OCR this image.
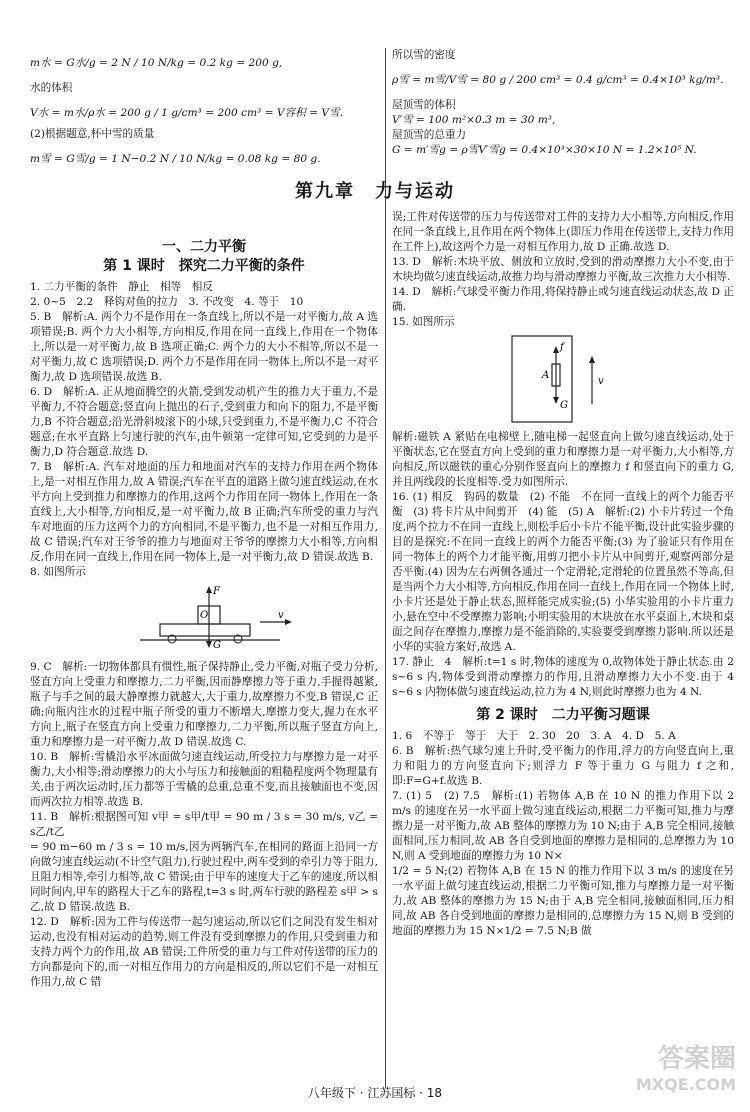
m水 = G水/g = 2 N / 10 N/kg = 0.2 kg = 200 g,
水的体积
V水 = m水/ρ水 = 200 g / 1 g/cm³ = 200 cm³ = V容积 = V雪.
(2)根据题意,杯中雪的质量
m雪 = G雪/g = 1 N−0.2 N / 10 N/kg = 0.08 kg = 80 g.
一、二力平衡
第 1 课时　探究二力平衡的条件
1. 二力平衡的条件　静止　相等　相反
2. 0~5　2.2　释钩对鱼的拉力　3. 不改变　4. 等于　10
5. B　解析:A. 两个力不是作用在一条直线上,所以不是一对平衡力,故 A 选项错误;B. 两个力大小相等,方向相反,作用在同一直线上,作用在一个物体上,所以是一对平衡力,故 B 选项正确;C. 两个力的大小不相等,所以不是一对平衡力,故 C 选项错误;D. 两个力不是作用在同一物体上,所以不是一对平衡力,故 D 选项错误.故选 B.
6. D　解析:A. 正从地面腾空的火箭,受到发动机产生的推力大于重力,不是平衡力,不符合题意;竖直向上抛出的石子,受到重力和向下的阻力,不是平衡力,B 不符合题意;沿光滑斜坡滚下的小球,只受到重力,不是平衡力,C 不符合题意;在水平直路上匀速行驶的汽车,由牛顿第一定律可知,它受到的力是平衡力,D 符合题意.故选 D.
7. B　解析:A. 汽车对地面的压力和地面对汽车的支持力作用在两个物体上,是一对相互作用力,故 A 错误;汽车在平直的道路上做匀速直线运动,在水平方向上受到推力和摩擦力的作用,这两个力作用在同一物体上,作用在一条直线上,大小相等,方向相反,是一对平衡力,故 B 正确;汽车所受的重力与汽车对地面的压力这两个力的方向相同,不是平衡力,也不是一对相互作用力,故 C 错误;汽车对王爷爷的推力与地面对王爷爷的摩擦力大小相等,方向相反,作用在同一直线上,作用在同一物体上,是一对平衡力,故 D 错误.故选 B.
8. 如图所示
F
O
G
v
9. C　解析:一切物体都具有惯性,瓶子保持静止,受力平衡,对瓶子受力分析,竖直方向上受重力和摩擦力,二力平衡,因而静摩擦力等于重力,手握得越紧,瓶子与手之间的最大静摩擦力就越大,大于重力,故摩擦力不变,B 错误,C 正确;向瓶内注水的过程中瓶子所受的重力不断增大,摩擦力变大,握力在水平方向上,瓶子在竖直方向上受重力和摩擦力,二力平衡,所以瓶子竖直方向上,重力和摩擦力是一对平衡力,故 D 错误.故选 C.
10. B　解析:雪橇沿水平冰面做匀速直线运动,所受拉力与摩擦力是一对平衡力,大小相等;滑动摩擦力的大小与压力和接触面的粗糙程度两个物理量有关,由于两次运动时,压力都等于雪橇的总重,总重不变,而且接触面也不变,因而两次拉力相等.故选 B.
11. B　解析:根据图可知 v甲 = s甲/t甲 = 90 m / 3 s = 30 m/s, v乙 = s乙/t乙
= 90 m−60 m / 3 s = 10 m/s,因为两辆汽车,在相同的路面上沿同一方向做匀速直线运动(不计空气阻力),行驶过程中,两车受到的牵引力等于阻力,且阻力相等,牵引力相等,故 C 错误;由于甲车的速度大于乙车的速度,所以相同时间内,甲车的路程大于乙车的路程,t=3 s 时,两车行驶的路程差 s甲 > s乙,故 D 错误.故选 B.
12. D　解析:因为工件与传送带一起匀速运动,所以它们之间没有发生相对运动,也没有相对运动的趋势,则工件没有受到摩擦力的作用,只受到重力和支持力两个力的作用,故 AB 错误;工件所受的重力与工件对传送带的压力的方向都是向下的,而一对相互作用力的方向是相反的,所以它们不是一对相互作用力,故 C 错
第九章　力与运动
所以雪的密度
ρ雪 = m雪/V雪 = 80 g / 200 cm³ = 0.4 g/cm³ = 0.4×10³ kg/m³.
屋顶雪的体积
V′雪 = 100 m²×0.3 m = 30 m³,
屋顶雪的总重力
G = m′雪g = ρ雪V′雪g = 0.4×10³×30×10 N = 1.2×10⁵ N.
误;工件对传送带的压力与传送带对工件的支持力大小相等,方向相反,作用在同一条直线上,且作用在两个物体上(即压力作用在传送带上,支持力作用在工件上),故这两个力是一对相互作用力,故 D 正确.故选 D.
13. D　解析:木块平放、侧放和立放时,受到的滑动摩擦力大小不变,由于木块均做匀速直线运动,故推力均与滑动摩擦力平衡,故三次推力大小相等.
14. D　解析:气球受平衡力作用,将保持静止或匀速直线运动状态,故 D 正确.
15. 如图所示
f
A
G
v
解析:磁铁 A 紧贴在电梯壁上,随电梯一起竖直向上做匀速直线运动,处于平衡状态,它在竖直方向上受到的重力和摩擦力是一对平衡力,大小相等,方向相反,所以磁铁的重心分别作竖直向上的摩擦力 f 和竖直向下的重力 G,并且两线段的长度相等.受力如图所示.
16. (1) 相反　钩码的数量　(2) 不能　不在同一直线上的两个力能否平衡　(3) 将卡片从中间剪开　(4) 能　(5) A　解析:(2) 小卡片转过一个角度,两个拉力不在同一直线上,则松手后小卡片不能平衡,设计此实验步骤的目的是探究:不在同一直线上的两个力能否平衡;(3) 为了验证只有作用在同一物体上的两个力才能平衡,用剪刀把小卡片从中间剪开,观察两部分是否平衡.(4) 因为左右两侧各通过一个定滑轮,定滑轮的位置虽然不等高,但是当两个力大小相等,方向相反,作用在同一直线上,作用在同一个物体上时,小卡片还是处于静止状态,照样能完成实验;(5) 小华实验用的小卡片重力小,悬在空中不受摩擦力影响;小明实验用的木块放在水平桌面上,木块和桌面之间存在摩擦力,摩擦力是不能消除的,实验要受到摩擦力影响.所以还是小华的实验方案好,故选 A.
17. 静止　4　解析:t=1 s 时,物体的速度为 0,故物体处于静止状态.由 2 s~6 s 内,物体受到滑动摩擦力的作用,且滑动摩擦力大小不变.由于 4 s~6 s 内物体做匀速直线运动,拉力为 4 N,则此时摩擦力也为 4 N.
第 2 课时　二力平衡习题课
1. 6　不等于　等于　大于　2. 30　20　3. A　4. D　5. A
6. B　解析:热气球匀速上升时,受平衡力的作用,浮力的方向竖直向上,重力和阻力的方向竖直向下;则浮力 F 等于重力 G 与阻力 f 之和,即:F=G+f.故选 B.
7. (1) 5　(2) 7.5　解析:(1) 若物体 A,B 在 10 N 的推力作用下以 2 m/s 的速度在另一水平面上做匀速直线运动,根据二力平衡可知,推力与摩擦力是一对平衡力,故 AB 整体的摩擦力为 10 N;由于 A,B 完全相同,接触面相同,压力相同,故 AB 各自受到地面的摩擦力是相同的,总摩擦力为 10 N,则 A 受到地面的摩擦力为 10 N×
1/2 = 5 N;(2) 若物体 A,B 在 15 N 的推力作用下以 3 m/s 的速度在另一水平面上做匀速直线运动,根据二力平衡可知,推力与摩擦力是一对平衡力,故 AB 整体的摩擦力为 15 N;由于 A,B 完全相同,接触面相同,压力相同,故 AB 各自受到地面的摩擦力是相同的,总摩擦力为 15 N,则 B 受到的地面的摩擦力为 15 N×1/2 = 7.5 N;B 做
八年级下 · 江苏国标 · 18
答案圈
MXQE.COM
